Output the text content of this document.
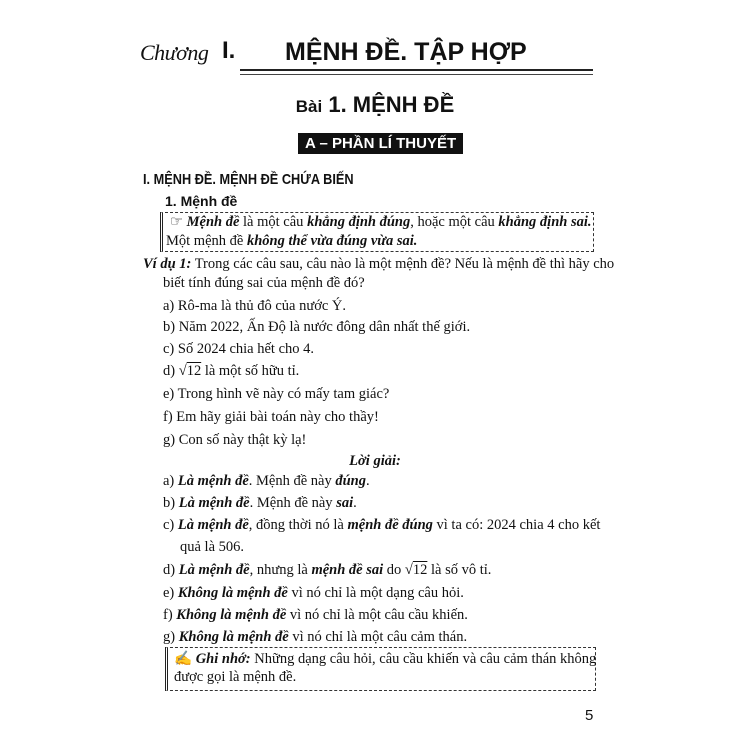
Chương I. MỆNH ĐỀ. TẬP HỢP
Bài 1. MỆNH ĐỀ
A – PHẦN LÍ THUYẾT
I. MỆNH ĐỀ. MỆNH ĐỀ CHỨA BIẾN
1. Mệnh đề
☞ Mệnh đề là một câu khẳng định đúng, hoặc một câu khẳng định sai.
Một mệnh đề không thể vừa đúng vừa sai.
Ví dụ 1: Trong các câu sau, câu nào là một mệnh đề? Nếu là mệnh đề thì hãy cho
biết tính đúng sai của mệnh đề đó?
a) Rô-ma là thủ đô của nước Ý.
b) Năm 2022, Ấn Độ là nước đông dân nhất thế giới.
c) Số 2024 chia hết cho 4.
d) √12 là một số hữu tỉ.
e) Trong hình vẽ này có mấy tam giác?
f) Em hãy giải bài toán này cho thầy!
g) Con số này thật kỳ lạ!
Lời giải:
a) Là mệnh đề. Mệnh đề này đúng.
b) Là mệnh đề. Mệnh đề này sai.
c) Là mệnh đề, đồng thời nó là mệnh đề đúng vì ta có: 2024 chia 4 cho kết
quả là 506.
d) Là mệnh đề, nhưng là mệnh đề sai do √12 là số vô tỉ.
e) Không là mệnh đề vì nó chỉ là một dạng câu hỏi.
f) Không là mệnh đề vì nó chỉ là một câu cầu khiến.
g) Không là mệnh đề vì nó chỉ là một câu cảm thán.
✍ Ghi nhớ: Những dạng câu hỏi, câu cầu khiến và câu cảm thán không
được gọi là mệnh đề.
5
